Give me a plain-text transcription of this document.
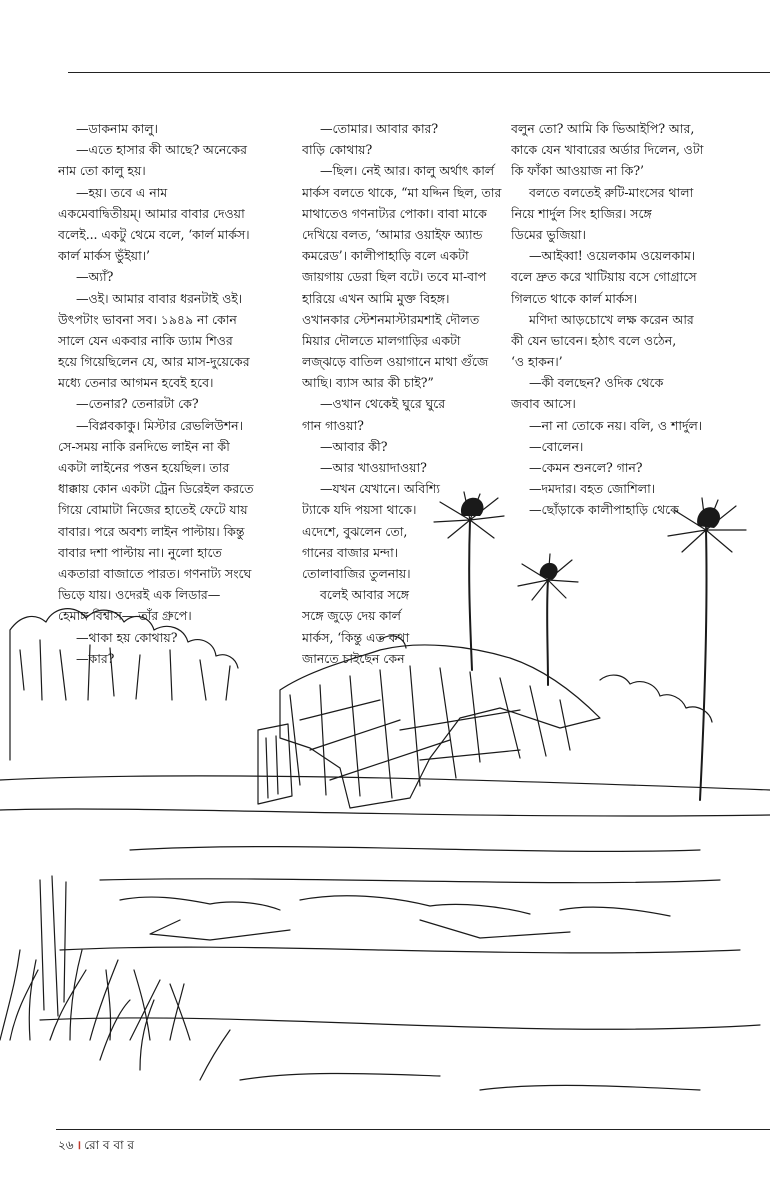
—ডাকনাম কালু।
—এতে হাসার কী আছে? অনেকের
নাম তো কালু হয়।
—হয়। তবে এ নাম
একমেবাদ্বিতীয়ম্। আমার বাবার দেওয়া
বলেই... একটু থেমে বলে, ‘কার্ল মার্কস।
কার্ল মার্কস ভুঁইয়া।’
—অ্যাঁ?
—ওই। আমার বাবার ধরনটাই ওই।
উৎপটাং ভাবনা সব। ১৯৪৯ না কোন
সালে যেন একবার নাকি ড্যাম শিওর
হয়ে গিয়েছিলেন যে, আর মাস-দুয়েকের
মধ্যে তেনার আগমন হবেই হবে।
—তেনার? তেনারটা কে?
—বিপ্লবকাকু। মিস্টার রেভলিউশন।
সে-সময় নাকি রনদিভে লাইন না কী
একটা লাইনের পত্তন হয়েছিল। তার
ধাক্কায় কোন একটা ট্রেন ডিরেইল করতে
গিয়ে বোমাটা নিজের হাতেই ফেটে যায়
বাবার। পরে অবশ্য লাইন পাল্টায়। কিন্তু
বাবার দশা পাল্টায় না। নুলো হাতে
একতারা বাজাতে পারত। গণনাট্য সংঘে
ভিড়ে যায়। ওদেরই এক লিডার—
হেমাঙ্গ বিশ্বাস— তাঁর গ্রুপে।
—থাকা হয় কোথায়?
—কার?
—তোমার। আবার কার?
বাড়ি কোথায়?
—ছিল। নেই আর। কালু অর্থাৎ কার্ল
মার্কস বলতে থাকে, “মা যদ্দিন ছিল, তার
মাথাতেও গণনাট্যর পোকা। বাবা মাকে
দেখিয়ে বলত, ‘আমার ওয়াইফ অ্যান্ড
কমরেড’। কালীপাহাড়ি বলে একটা
জায়গায় ডেরা ছিল বটে। তবে মা-বাপ
হারিয়ে এখন আমি মুক্ত বিহঙ্গ।
ওখানকার স্টেশনমাস্টারমশাই দৌলত
মিয়ার দৌলতে মালগাড়ির একটা
লজ্‌ঝড়ে বাতিল ওয়াগানে মাথা গুঁজে
আছি। ব্যাস আর কী চাই?”
—ওখান থেকেই ঘুরে ঘুরে
গান গাওয়া?
—আবার কী?
—আর খাওয়াদাওয়া?
—যখন যেখানে। অবিশ্যি
ট্যাকে যদি পয়সা থাকে।
এদেশে, বুঝলেন তো,
গানের বাজার মন্দা।
তোলাবাজির তুলনায়।
বলেই আবার সঙ্গে
সঙ্গে জুড়ে দেয় কার্ল
মার্কস, ‘কিন্তু এত কথা
জানতে চাইছেন কেন
বলুন তো? আমি কি ভিআইপি? আর,
কাকে যেন খাবারের অর্ডার দিলেন, ওটা
কি ফাঁকা আওয়াজ না কি?’
বলতে বলতেই রুটি-মাংসের থালা
নিয়ে শার্দুল সিং হাজির। সঙ্গে
ডিমের ভুজিয়া।
—আইব্বা! ওয়েলকাম ওয়েলকাম।
বলে দ্রুত করে খাটিয়ায় বসে গোগ্রাসে
গিলতে থাকে কার্ল মার্কস।
মণিদা আড়চোখে লক্ষ করেন আর
কী যেন ভাবেন। হঠাৎ বলে ওঠেন,
‘ও হাকন।’
—কী বলছেন? ওদিক থেকে
জবাব আসে।
—না না তোকে নয়। বলি, ও শার্দুল।
—বোলেন।
—কেমন শুনলে? গান?
—দমদার। বহত জোশিলা।
—ছোঁড়াকে কালীপাহাড়ি থেকে
২৬ । রো ব বা র
